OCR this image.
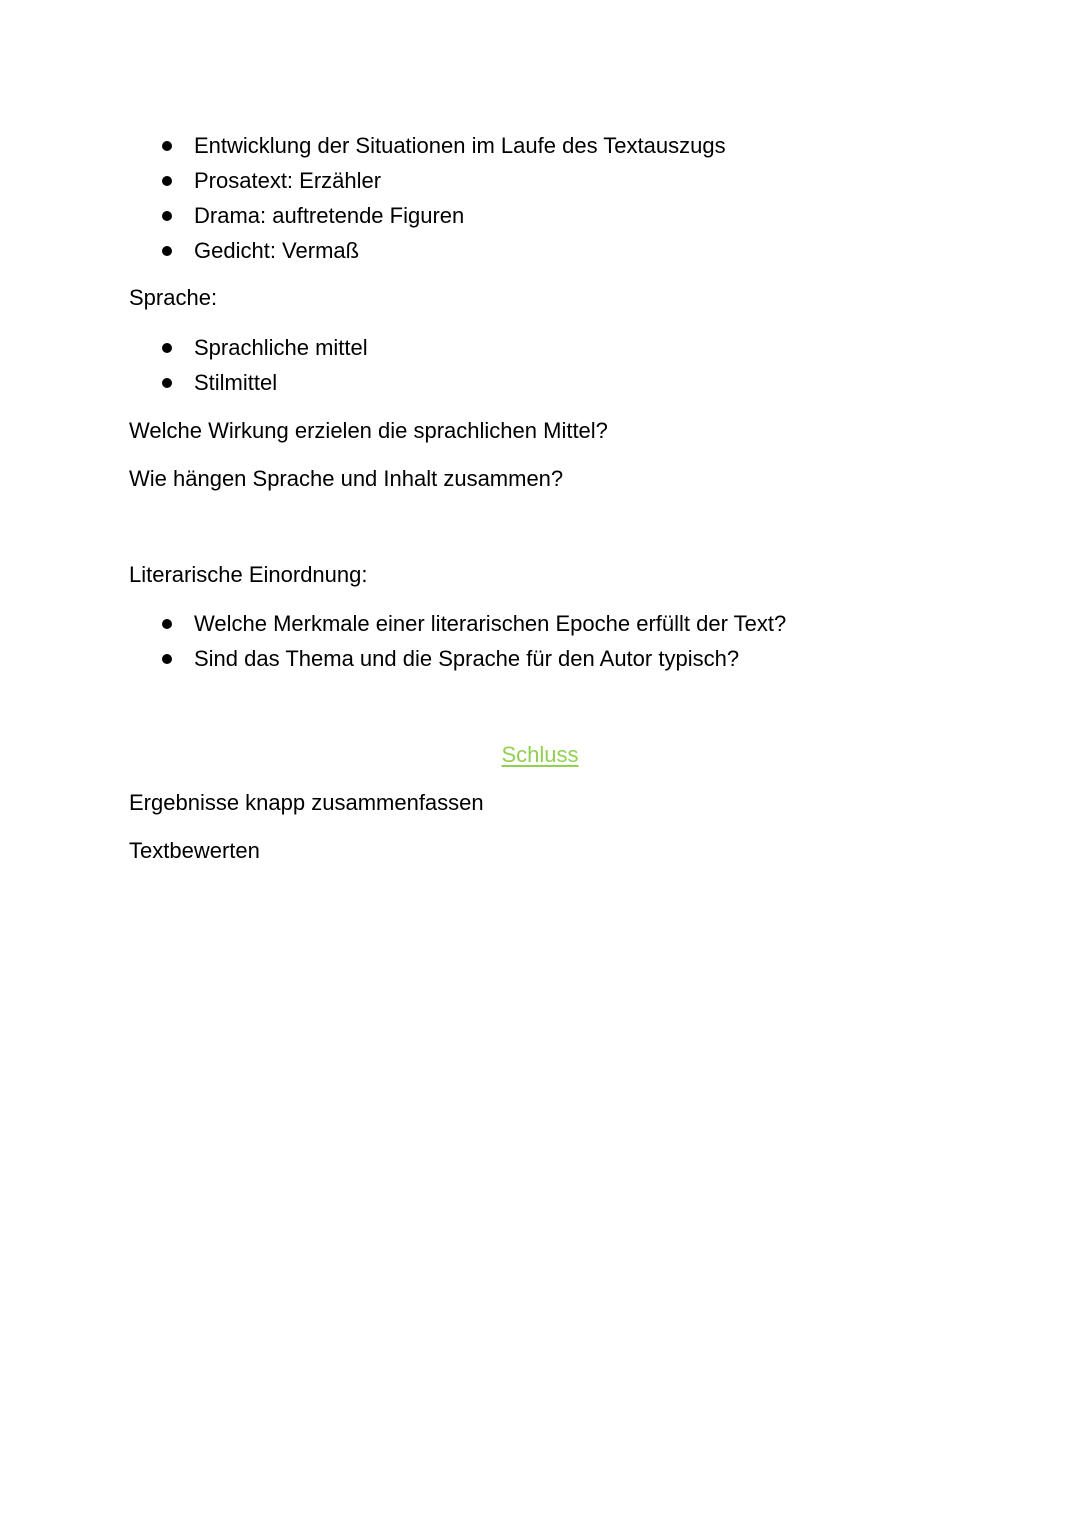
Entwicklung der Situationen im Laufe des Textauszugs
Prosatext: Erzähler
Drama: auftretende Figuren
Gedicht: Vermaß
Sprache:
Sprachliche mittel
Stilmittel
Welche Wirkung erzielen die sprachlichen Mittel?
Wie hängen Sprache und Inhalt zusammen?
Literarische Einordnung:
Welche Merkmale einer literarischen Epoche erfüllt der Text?
Sind das Thema und die Sprache für den Autor typisch?
Schluss
Ergebnisse knapp zusammenfassen
Textbewerten
